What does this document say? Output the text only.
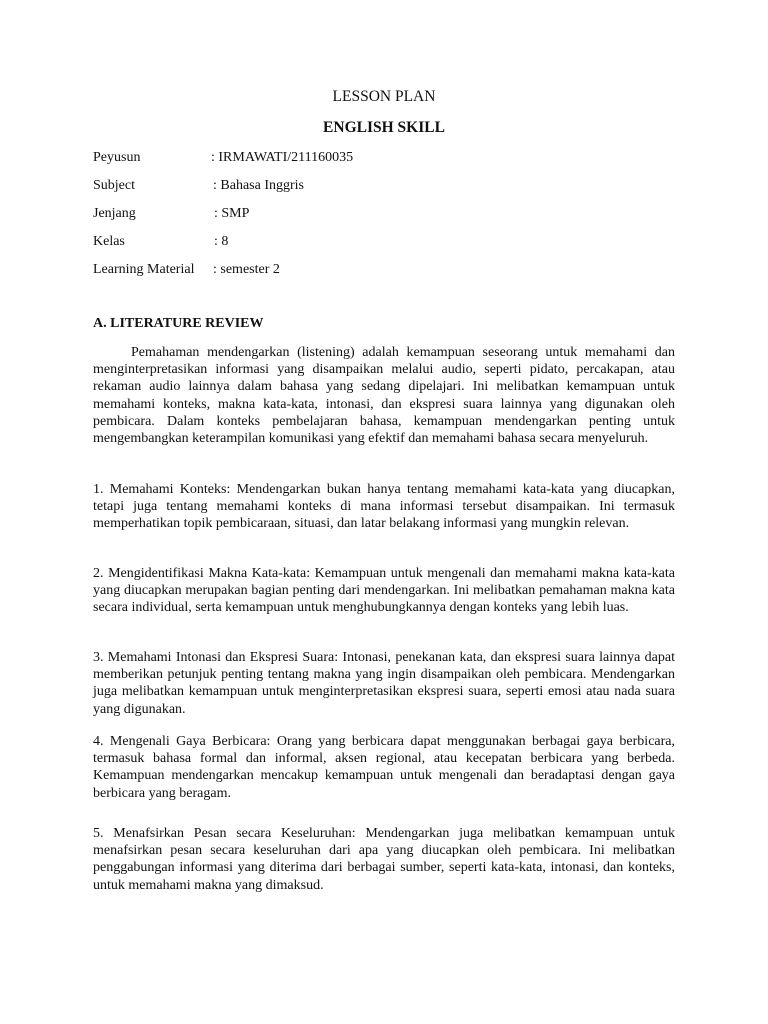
LESSON PLAN
ENGLISH SKILL
Peyusun	: IRMAWATI/211160035
Subject	: Bahasa Inggris
Jenjang	: SMP
Kelas	: 8
Learning Material : semester 2
A. LITERATURE REVIEW
Pemahaman mendengarkan (listening) adalah kemampuan seseorang untuk memahami dan menginterpretasikan informasi yang disampaikan melalui audio, seperti pidato, percakapan, atau rekaman audio lainnya dalam bahasa yang sedang dipelajari. Ini melibatkan kemampuan untuk memahami konteks, makna kata-kata, intonasi, dan ekspresi suara lainnya yang digunakan oleh pembicara. Dalam konteks pembelajaran bahasa, kemampuan mendengarkan penting untuk mengembangkan keterampilan komunikasi yang efektif dan memahami bahasa secara menyeluruh.
1. Memahami Konteks: Mendengarkan bukan hanya tentang memahami kata-kata yang diucapkan, tetapi juga tentang memahami konteks di mana informasi tersebut disampaikan. Ini termasuk memperhatikan topik pembicaraan, situasi, dan latar belakang informasi yang mungkin relevan.
2. Mengidentifikasi Makna Kata-kata: Kemampuan untuk mengenali dan memahami makna kata-kata yang diucapkan merupakan bagian penting dari mendengarkan. Ini melibatkan pemahaman makna kata secara individual, serta kemampuan untuk menghubungkannya dengan konteks yang lebih luas.
3. Memahami Intonasi dan Ekspresi Suara: Intonasi, penekanan kata, dan ekspresi suara lainnya dapat memberikan petunjuk penting tentang makna yang ingin disampaikan oleh pembicara. Mendengarkan juga melibatkan kemampuan untuk menginterpretasikan ekspresi suara, seperti emosi atau nada suara yang digunakan.
4. Mengenali Gaya Berbicara: Orang yang berbicara dapat menggunakan berbagai gaya berbicara, termasuk bahasa formal dan informal, aksen regional, atau kecepatan berbicara yang berbeda. Kemampuan mendengarkan mencakup kemampuan untuk mengenali dan beradaptasi dengan gaya berbicara yang beragam.
5. Menafsirkan Pesan secara Keseluruhan: Mendengarkan juga melibatkan kemampuan untuk menafsirkan pesan secara keseluruhan dari apa yang diucapkan oleh pembicara. Ini melibatkan penggabungan informasi yang diterima dari berbagai sumber, seperti kata-kata, intonasi, dan konteks, untuk memahami makna yang dimaksud.
